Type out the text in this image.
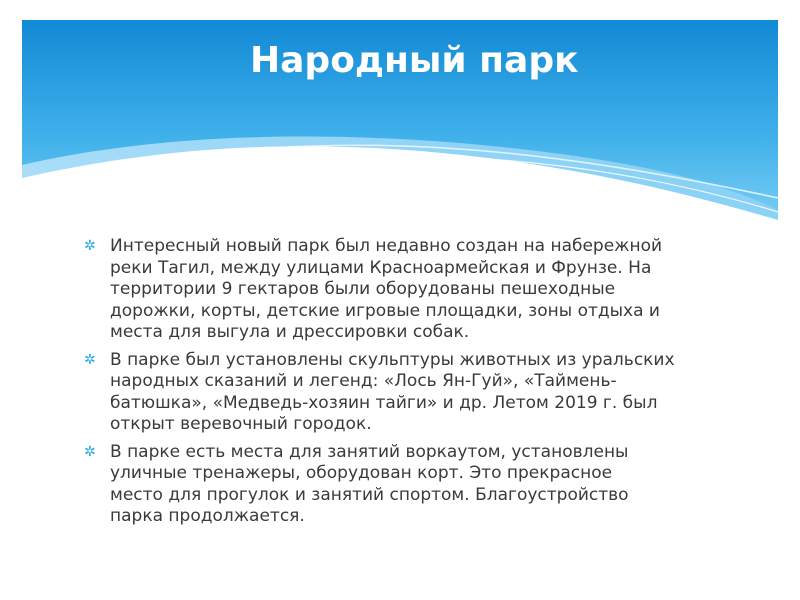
Народный парк
✲ Интересный новый парк был недавно создан на набережной
реки Тагил, между улицами Красноармейская и Фрунзе. На
территории 9 гектаров были оборудованы пешеходные
дорожки, корты, детские игровые площадки, зоны отдыха и
места для выгула и дрессировки собак.
✲ В парке был установлены скульптуры животных из уральских
народных сказаний и легенд: «Лось Ян-Гуй», «Таймень-
батюшка», «Медведь-хозяин тайги» и др. Летом 2019 г. был
открыт веревочный городок.
✲ В парке есть места для занятий воркаутом, установлены
уличные тренажеры, оборудован корт. Это прекрасное
место для прогулок и занятий спортом. Благоустройство
парка продолжается.
